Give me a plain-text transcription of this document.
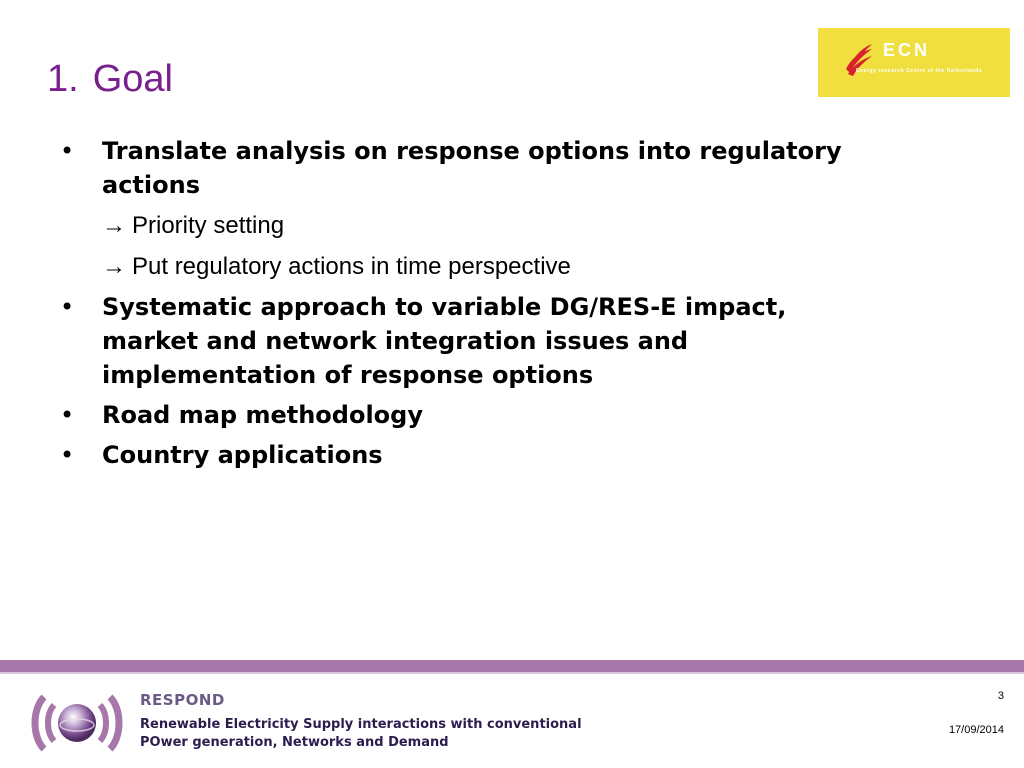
1. Goal
ECN
Energy research Centre of the Netherlands
• Translate analysis on response options into regulatory actions
→ Priority setting
→ Put regulatory actions in time perspective
• Systematic approach to variable DG/RES-E impact, market and network integration issues and implementation of response options
• Road map methodology
• Country applications
RESPOND
Renewable Electricity Supply interactions with conventional
POwer generation, Networks and Demand
3
17/09/2014
